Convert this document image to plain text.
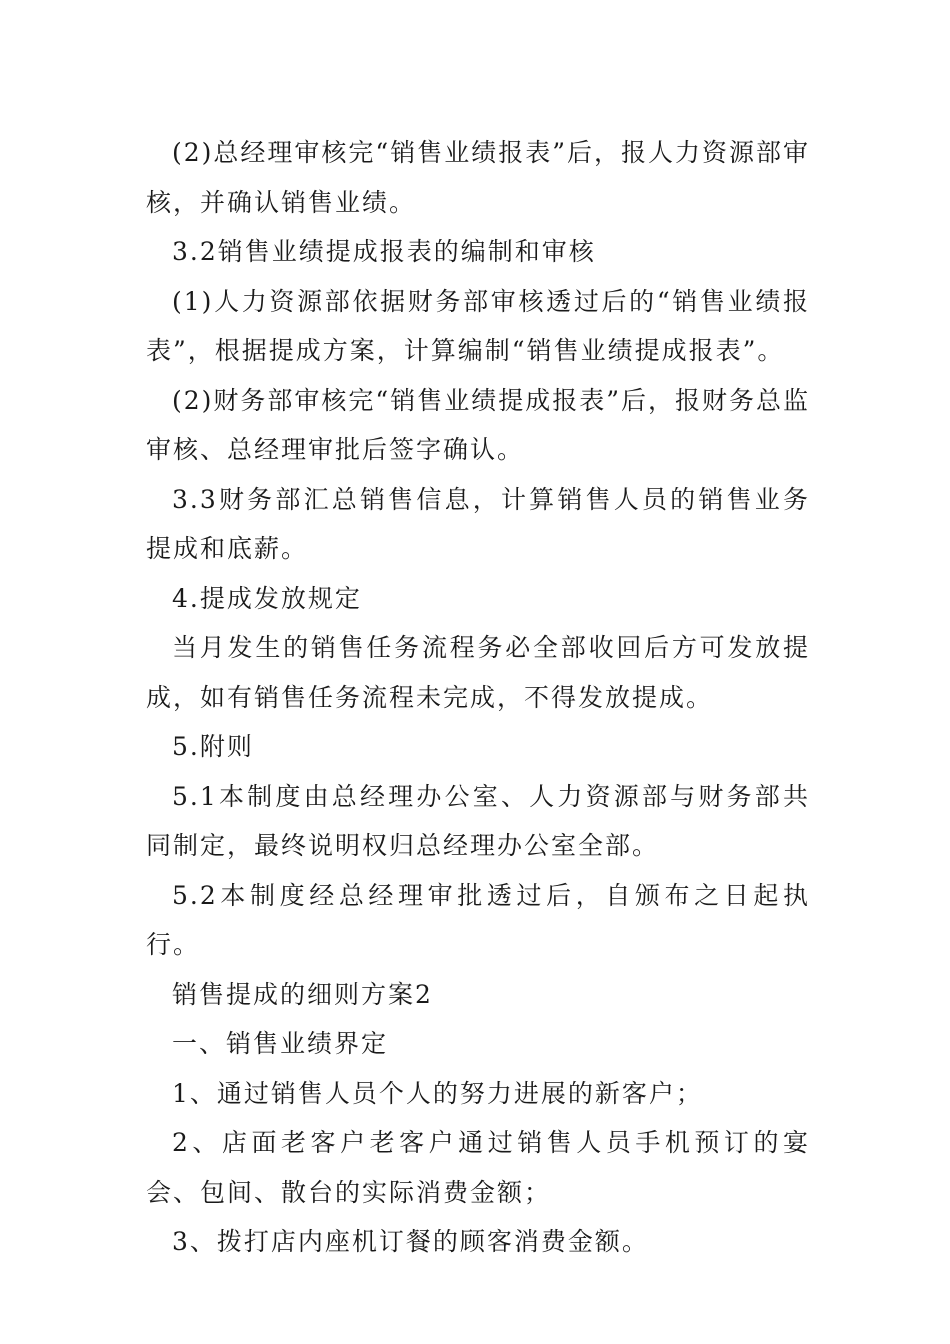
(2)总经理审核完“销售业绩报表”后，报人力资源部审核，并确认销售业绩。

3.2销售业绩提成报表的编制和审核

(1)人力资源部依据财务部审核透过后的“销售业绩报表”，根据提成方案，计算编制“销售业绩提成报表”。

(2)财务部审核完“销售业绩提成报表”后，报财务总监审核、总经理审批后签字确认。

3.3财务部汇总销售信息，计算销售人员的销售业务提成和底薪。

4.提成发放规定

当月发生的销售任务流程务必全部收回后方可发放提成，如有销售任务流程未完成，不得发放提成。

5.附则

5.1本制度由总经理办公室、人力资源部与财务部共同制定，最终说明权归总经理办公室全部。

5.2本制度经总经理审批透过后，自颁布之日起执行。

销售提成的细则方案2

一、销售业绩界定

1、通过销售人员个人的努力进展的新客户；

2、店面老客户老客户通过销售人员手机预订的宴会、包间、散台的实际消费金额；

3、拨打店内座机订餐的顾客消费金额。
